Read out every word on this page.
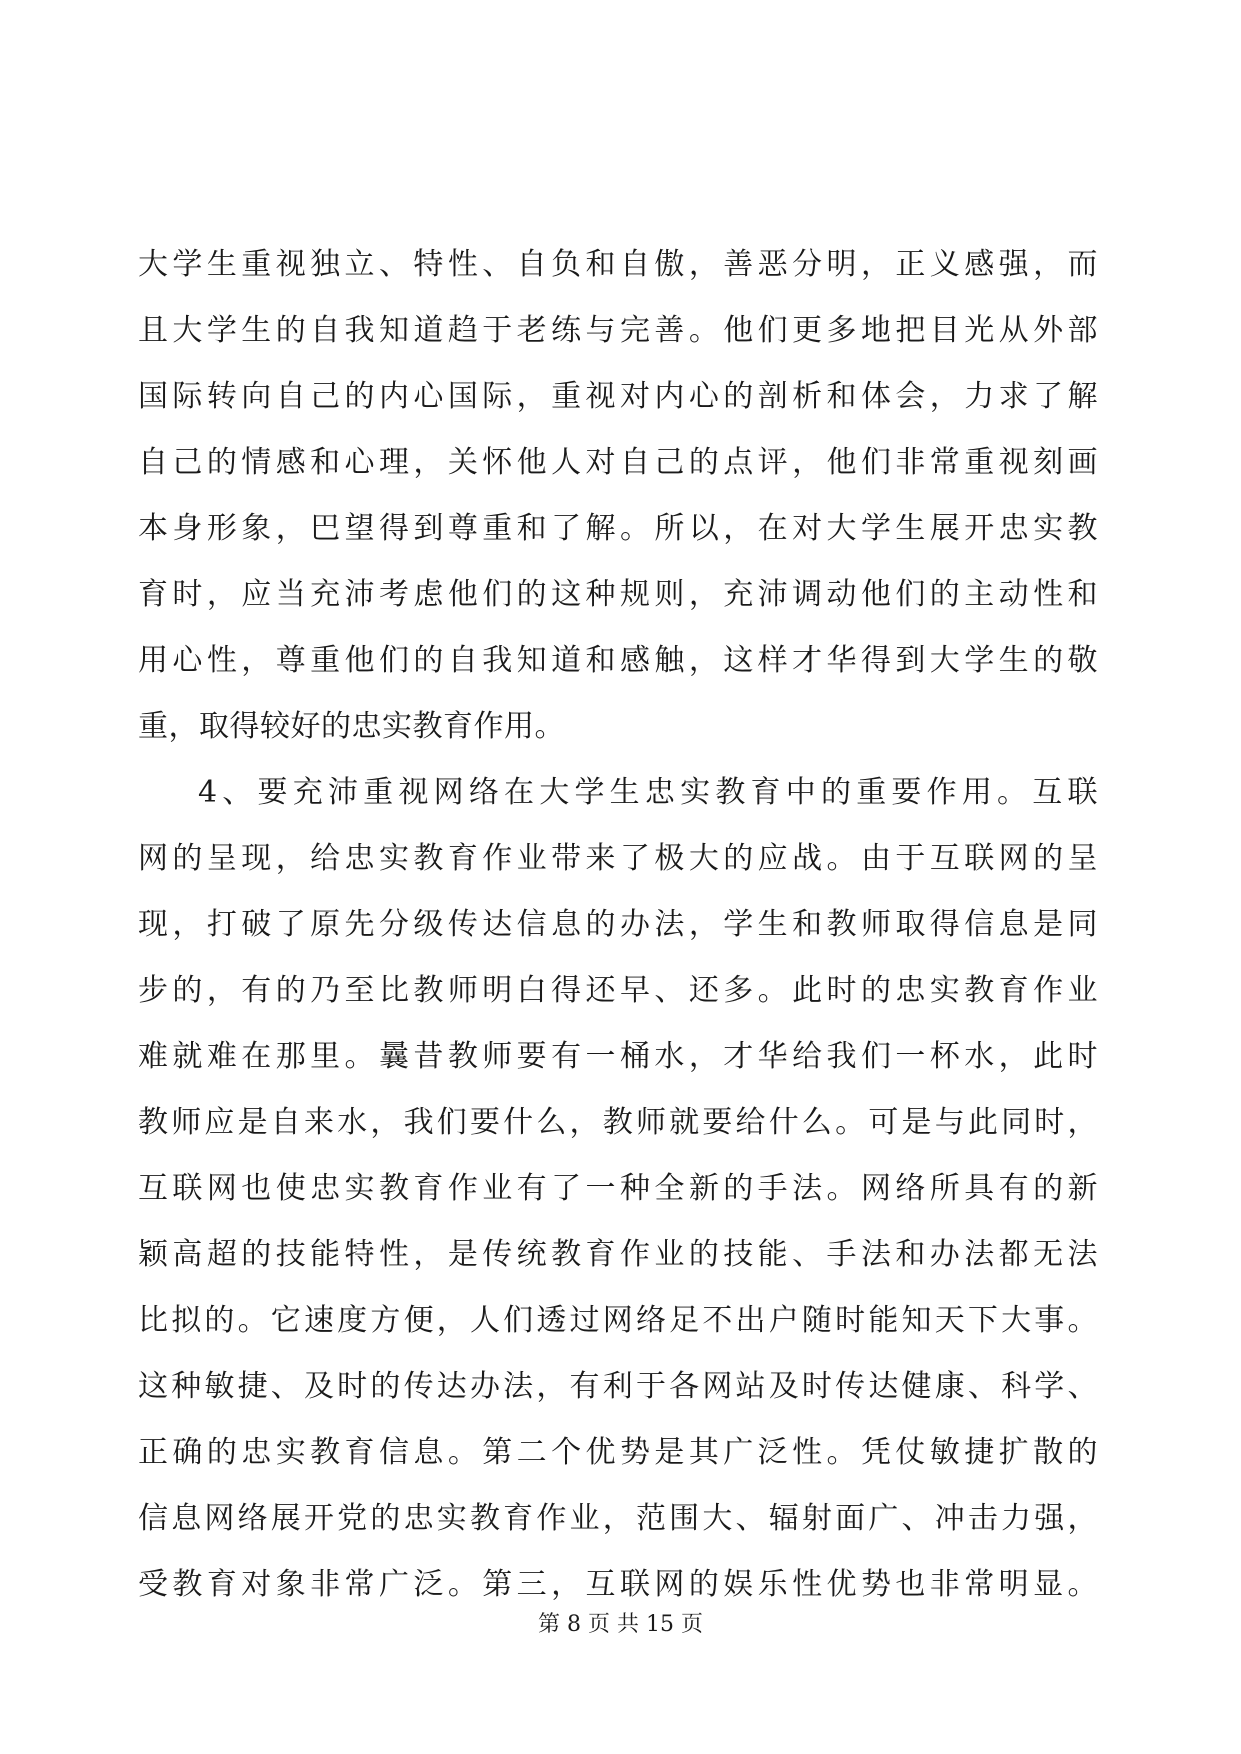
大学生重视独立、特性、自负和自傲，善恶分明，正义感强，而
且大学生的自我知道趋于老练与完善。他们更多地把目光从外部
国际转向自己的内心国际，重视对内心的剖析和体会，力求了解
自己的情感和心理，关怀他人对自己的点评，他们非常重视刻画
本身形象，巴望得到尊重和了解。所以，在对大学生展开忠实教
育时，应当充沛考虑他们的这种规则，充沛调动他们的主动性和
用心性，尊重他们的自我知道和感触，这样才华得到大学生的敬
重，取得较好的忠实教育作用。
4、要充沛重视网络在大学生忠实教育中的重要作用。互联
网的呈现，给忠实教育作业带来了极大的应战。由于互联网的呈
现，打破了原先分级传达信息的办法，学生和教师取得信息是同
步的，有的乃至比教师明白得还早、还多。此时的忠实教育作业
难就难在那里。曩昔教师要有一桶水，才华给我们一杯水，此时
教师应是自来水，我们要什么，教师就要给什么。可是与此同时，
互联网也使忠实教育作业有了一种全新的手法。网络所具有的新
颖高超的技能特性，是传统教育作业的技能、手法和办法都无法
比拟的。它速度方便，人们透过网络足不出户随时能知天下大事。
这种敏捷、及时的传达办法，有利于各网站及时传达健康、科学、
正确的忠实教育信息。第二个优势是其广泛性。凭仗敏捷扩散的
信息网络展开党的忠实教育作业，范围大、辐射面广、冲击力强，
受教育对象非常广泛。第三，互联网的娱乐性优势也非常明显。
第 8 页 共 15 页
